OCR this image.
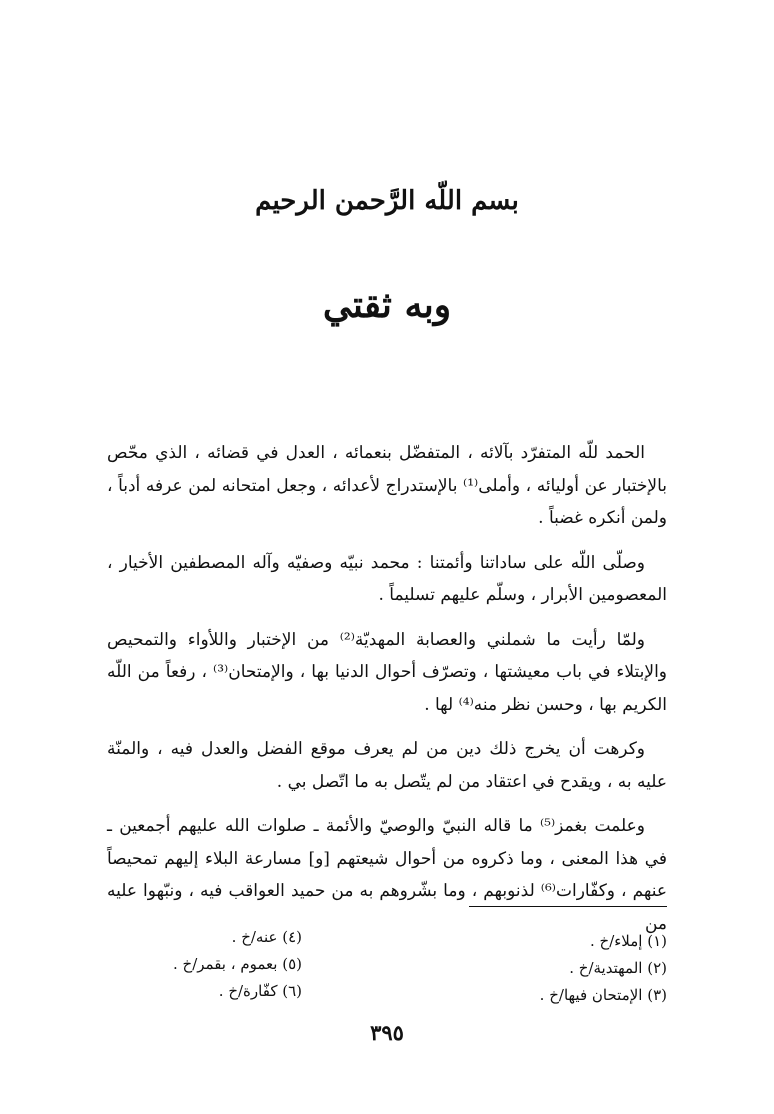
بسم اللّه الرَّحمن الرحيم
وبه ثقتي

الحمد للّه المتفرّد بآلائه ، المتفضّل بنعمائه ، العدل في قضائه ، الذي محّص بالإختبار عن أوليائه ، وأملى⁽¹⁾ بالإستدراج لأعدائه ، وجعل امتحانه لمن عرفه أدباً ، ولمن أنكره غضباً .

وصلّى اللّه على ساداتنا وأئمتنا : محمد نبيّه وصفيّه وآله المصطفين الأخيار ، المعصومين الأبرار ، وسلّم عليهم تسليماً .

ولمّا رأيت ما شملني والعصابة المهديّة⁽²⁾ من الإختبار واللأواء والتمحيص والإبتلاء في باب معيشتها ، وتصرّف أحوال الدنيا بها ، والإمتحان⁽³⁾ ، رفعاً من اللّه الكريم بها ، وحسن نظر منه⁽⁴⁾ لها .

وكرهت أن يخرج ذلك دين من لم يعرف موقع الفضل والعدل فيه ، والمنّة عليه به ، ويقدح في اعتقاد من لم يتّصل به ما اتّصل بي .

وعلمت بغمز⁽⁵⁾ ما قاله النبيّ والوصيّ والأئمة ـ صلوات الله عليهم أجمعين ـ في هذا المعنى ، وما ذكروه من أحوال شيعتهم [و] مسارعة البلاء إليهم تمحيصاً عنهم ، وكفّارات⁽⁶⁾ لذنوبهم ، وما بشّروهم به من حميد العواقب فيه ، ونبّهوا عليه من

(١) إملاء/خ .
(٢) المهتدية/خ .
(٣) الإمتحان فيها/خ .
(٤) عنه/خ .
(٥) بعموم ، بقمر/خ .
(٦) كفّارة/خ .
٣٩٥
